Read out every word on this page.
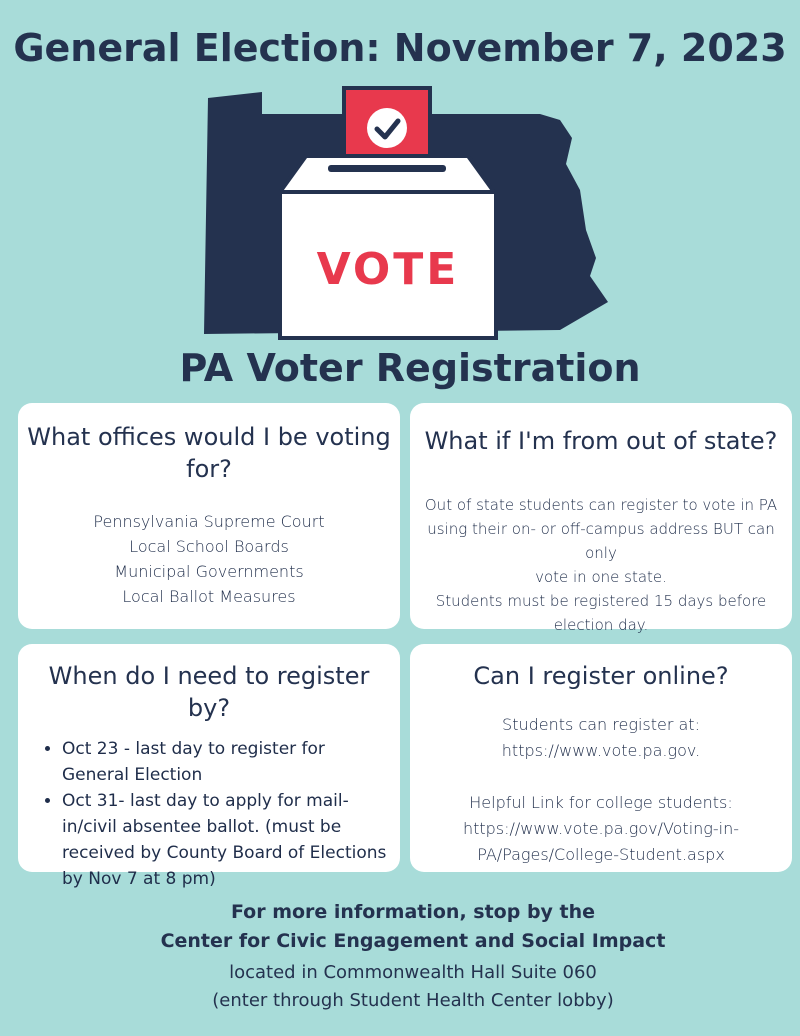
General Election: November 7, 2023
VOTE
PA Voter Registration
What offices would I be voting for?
Pennsylvania Supreme Court
Local School Boards
Municipal Governments
Local Ballot Measures
What if I'm from out of state?
Out of state students can register to vote in PA
using their on- or off-campus address BUT can only
vote in one state.
Students must be registered 15 days before
election day.
When do I need to register by?
• Oct 23 - last day to register for General Election
• Oct 31- last day to apply for mail-in/civil absentee ballot. (must be received by County Board of Elections by Nov 7 at 8 pm)
Can I register online?
Students can register at:
https://www.vote.pa.gov.
Helpful Link for college students:
https://www.vote.pa.gov/Voting-in-
PA/Pages/College-Student.aspx
For more information, stop by the
Center for Civic Engagement and Social Impact
located in Commonwealth Hall Suite 060
(enter through Student Health Center lobby)
